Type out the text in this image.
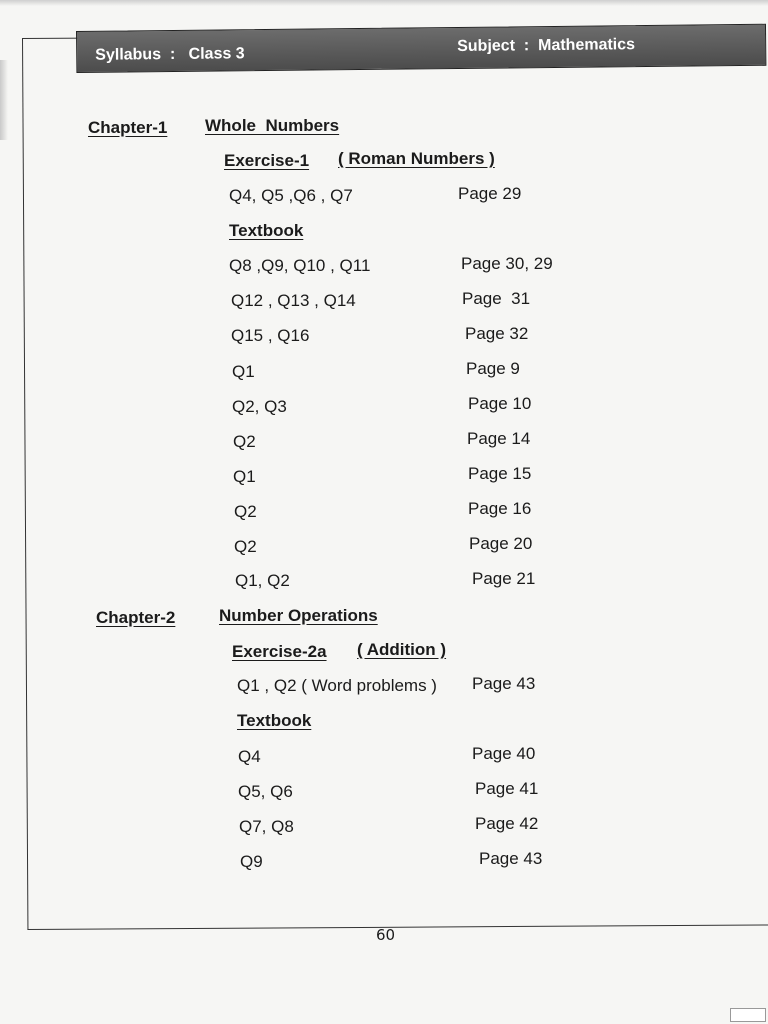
Syllabus : Class 3	Subject : Mathematics
Chapter-1 Whole  Numbers
Exercise-1 ( Roman Numbers )
Q4, Q5 ,Q6 , Q7	Page 29
Textbook
Q8 ,Q9, Q10 , Q11	Page 30, 29
Q12 , Q13 , Q14	Page  31
Q15 , Q16	Page 32
Q1	Page 9
Q2, Q3	Page 10
Q2	Page 14
Q1	Page 15
Q2	Page 16
Q2	Page 20
Q1, Q2	Page 21
Chapter-2	Number Operations
Exercise-2a ( Addition )
Q1 , Q2 ( Word problems ) Page 43
Textbook
Q4	Page 40
Q5, Q6	Page 41
Q7, Q8	Page 42
Q9	Page 43
60
